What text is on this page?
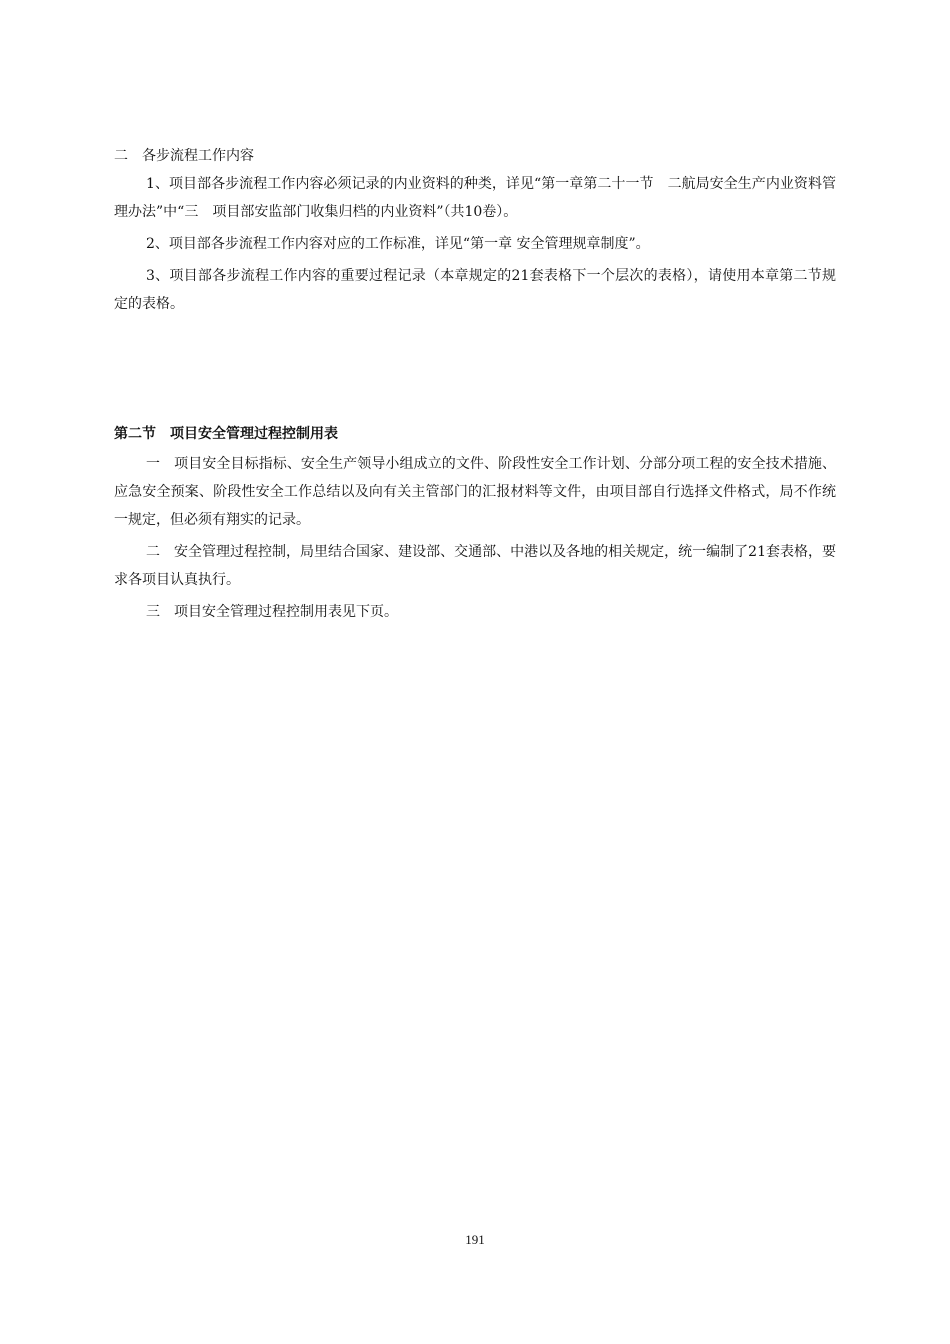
二　各步流程工作内容

1、项目部各步流程工作内容必须记录的内业资料的种类，详见“第一章第二十一节　二航局安全生产内业资料管理办法”中“三　项目部安监部门收集归档的内业资料”（共10卷）。

2、项目部各步流程工作内容对应的工作标准，详见“第一章 安全管理规章制度”。

3、项目部各步流程工作内容的重要过程记录（本章规定的21套表格下一个层次的表格），请使用本章第二节规定的表格。

第二节　项目安全管理过程控制用表

一　项目安全目标指标、安全生产领导小组成立的文件、阶段性安全工作计划、分部分项工程的安全技术措施、应急安全预案、阶段性安全工作总结以及向有关主管部门的汇报材料等文件，由项目部自行选择文件格式，局不作统一规定，但必须有翔实的记录。

二　安全管理过程控制，局里结合国家、建设部、交通部、中港以及各地的相关规定，统一编制了21套表格，要求各项目认真执行。

三　项目安全管理过程控制用表见下页。

191
